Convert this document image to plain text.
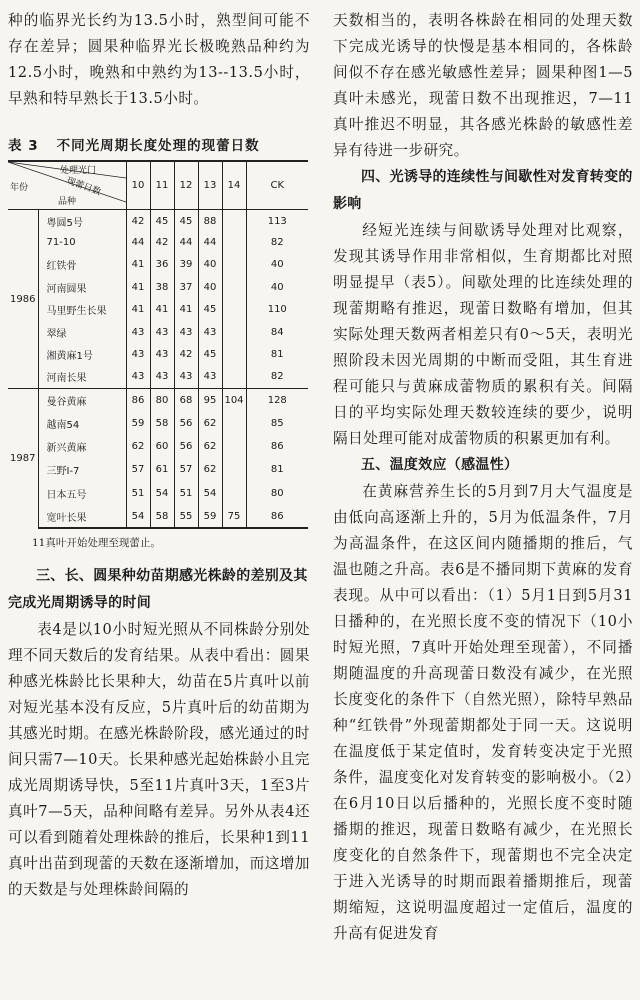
种的临界光长约为13.5小时，熟型间可能不存在差异；圆果种临界光长极晚熟品种约为12.5小时，晚熟和中熟约为13--13.5小时，早熟和特早熟长于13.5小时。

表 3 不同光周期长度处理的现蕾日数
年份
处理光门
现蕾日数
品种		10	11	12	13	14	CK
1986	粤圆5号	42	45	45	88		113
	71-10	44	42	44	44		82
	红铁骨	41	36	39	40		40
	河南圆果	41	38	37	40		40
	马里野生长果	41	41	41	45		110
	翠绿	43	43	43	43		84
	湘黄麻1号	43	43	42	45		81
	河南长果	43	43	43	43		82
1987	曼谷黄麻	86	80	68	95	104	128
	越南54	59	58	56	62		85
	新兴黄麻	62	60	56	62		86
	三野Ⅰ-7	57	61	57	62		81
	日本五号	51	54	51	54		80
	宽叶长果	54	58	55	59	75	86
11真叶开始处理至现蕾止。
三、长、圆果种幼苗期感光株龄的差别及其完成光周期诱导的时间

表4是以10小时短光照从不同株龄分别处理不同天数后的发育结果。从表中看出：圆果种感光株龄比长果种大，幼苗在5片真叶以前对短光基本没有反应，5片真叶后的幼苗期为其感光时期。在感光株龄阶段，感光通过的时间只需7—10天。长果种感光起始株龄小且完成光周期诱导快，5至11片真叶3天，1至3片真叶7—5天，品种间略有差异。另外从表4还可以看到随着处理株龄的推后，长果种1到11真叶出苗到现蕾的天数在逐渐增加，而这增加的天数是与处理株龄间隔的

天数相当的，表明各株龄在相同的处理天数下完成光诱导的快慢是基本相同的，各株龄间似不存在感光敏感性差异；圆果种图1—5真叶未感光，现蕾日数不出现推迟，7—11真叶推迟不明显，其各感光株龄的敏感性差异有待进一步研究。

四、光诱导的连续性与间歇性对发育转变的影响

经短光连续与间歇诱导处理对比观察，发现其诱导作用非常相似，生育期都比对照明显提早（表5）。间歇处理的比连续处理的现蕾期略有推迟，现蕾日数略有增加，但其实际处理天数两者相差只有0～5天，表明光照阶段未因光周期的中断而受阻，其生育进程可能只与黄麻成蕾物质的累积有关。间隔日的平均实际处理天数较连续的要少，说明隔日处理可能对成蕾物质的积累更加有利。

五、温度效应（感温性）

在黄麻营养生长的5月到7月大气温度是由低向高逐渐上升的，5月为低温条件，7月为高温条件，在这区间内随播期的推后，气温也随之升高。表6是不播同期下黄麻的发育表现。从中可以看出：（1）5月1日到5月31日播种的，在光照长度不变的情况下（10小时短光照，7真叶开始处理至现蕾），不同播期随温度的升高现蕾日数没有减少，在光照长度变化的条件下（自然光照），除特早熟品种“红铁骨”外现蕾期都处于同一天。这说明在温度低于某定值时，发育转变决定于光照条件，温度变化对发育转变的影响极小。（2）在6月10日以后播种的，光照长度不变时随播期的推迟，现蕾日数略有减少，在光照长度变化的自然条件下，现蕾期也不完全决定于进入光诱导的时期而跟着播期推后，现蕾期缩短，这说明温度超过一定值后，温度的升高有促进发育
